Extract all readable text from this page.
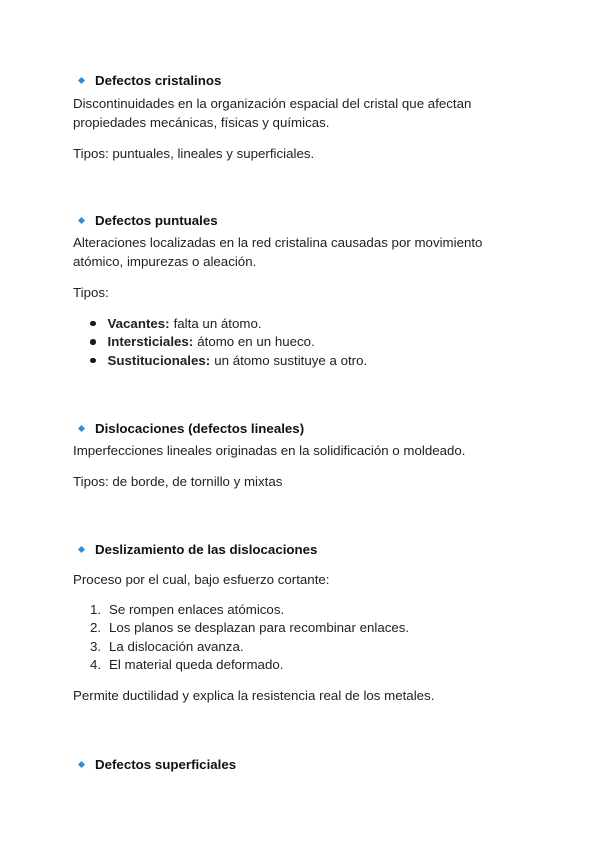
Defectos cristalinos

Discontinuidades en la organización espacial del cristal que afectan propiedades mecánicas, físicas y químicas.

Tipos: puntuales, lineales y superficiales.

Defectos puntuales

Alteraciones localizadas en la red cristalina causadas por movimiento atómico, impurezas o aleación.

Tipos:

Vacantes: falta un átomo.
Intersticiales: átomo en un hueco.
Sustitucionales: un átomo sustituye a otro.
Dislocaciones (defectos lineales)

Imperfecciones lineales originadas en la solidificación o moldeado.

Tipos: de borde, de tornillo y mixtas

Deslizamiento de las dislocaciones

Proceso por el cual, bajo esfuerzo cortante:

1. Se rompen enlaces atómicos.
2. Los planos se desplazan para recombinar enlaces.
3. La dislocación avanza.
4. El material queda deformado.

Permite ductilidad y explica la resistencia real de los metales.

Defectos superficiales
